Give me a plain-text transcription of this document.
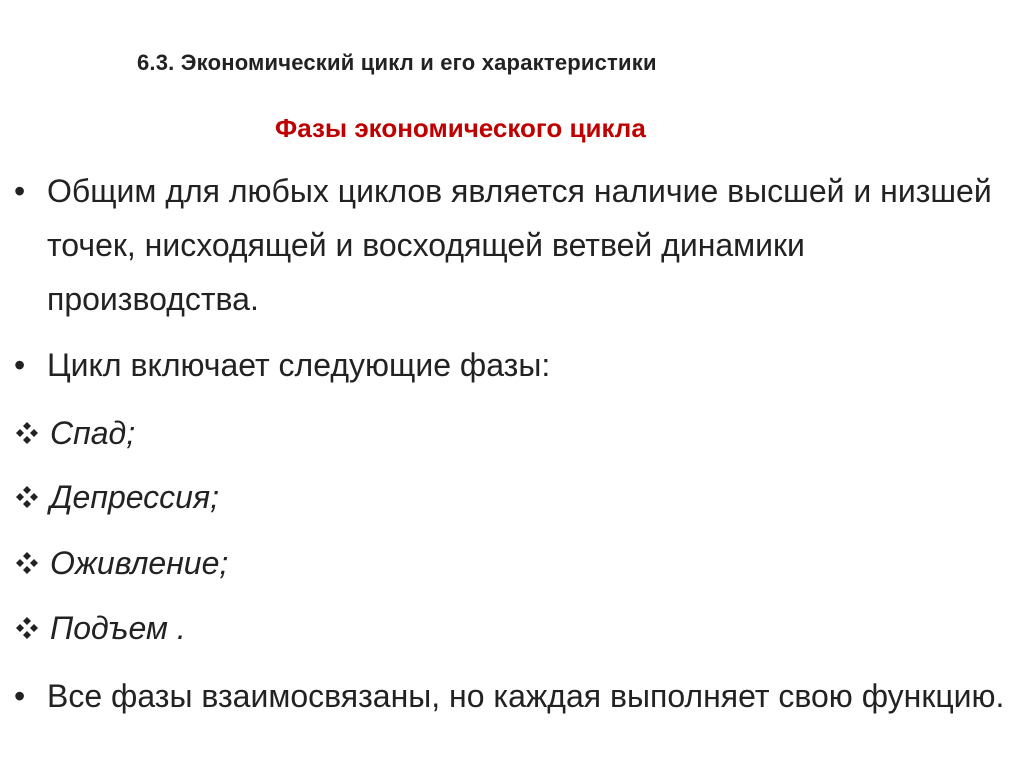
6.3. Экономический цикл и его характеристики
Фазы экономического цикла
• Общим для любых циклов является наличие высшей и низшей точек, нисходящей и восходящей ветвей динамики производства.
• Цикл включает следующие фазы:
Спад;
Депрессия;
Оживление;
Подъем .
• Все фазы взаимосвязаны, но каждая выполняет свою функцию.
